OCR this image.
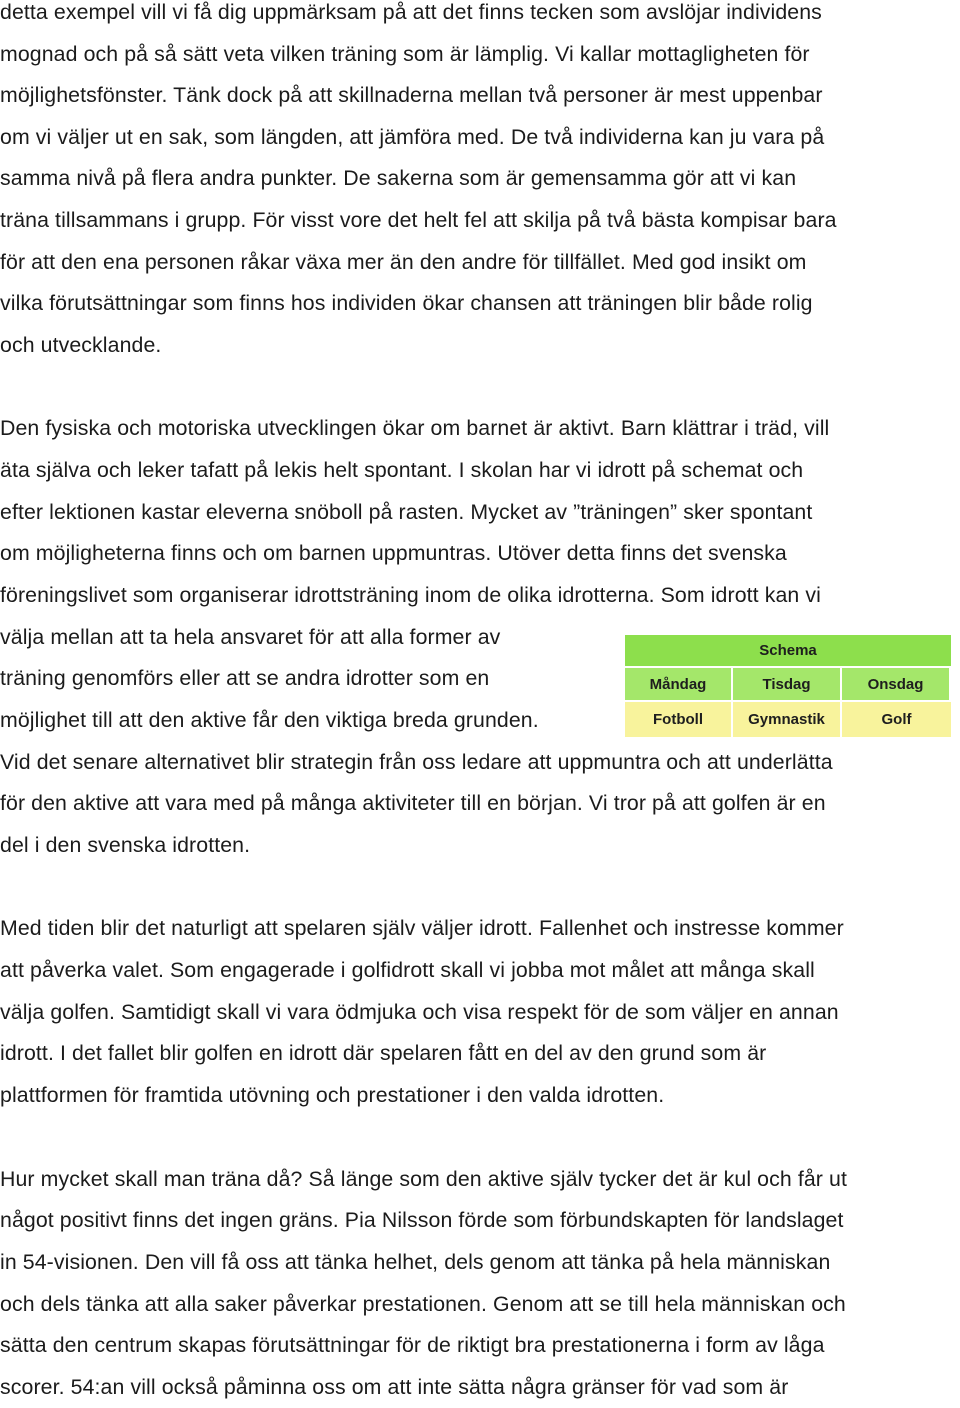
detta exempel vill vi få dig uppmärksam på att det finns tecken som avslöjar individens
mognad och på så sätt veta vilken träning som är lämplig. Vi kallar mottagligheten för
möjlighetsfönster. Tänk dock på att skillnaderna mellan två personer är mest uppenbar
om vi väljer ut en sak, som längden, att jämföra med. De två individerna kan ju vara på
samma nivå på flera andra punkter. De sakerna som är gemensamma gör att vi kan
träna tillsammans i grupp. För visst vore det helt fel att skilja på två bästa kompisar bara
för att den ena personen råkar växa mer än den andre för tillfället. Med god insikt om
vilka förutsättningar som finns hos individen ökar chansen att träningen blir både rolig
och utvecklande.
Den fysiska och motoriska utvecklingen ökar om barnet är aktivt. Barn klättrar i träd, vill
äta själva och leker tafatt på lekis helt spontant. I skolan har vi idrott på schemat och
efter lektionen kastar eleverna snöboll på rasten. Mycket av ”träningen” sker spontant
om möjligheterna finns och om barnen uppmuntras. Utöver detta finns det svenska
föreningslivet som organiserar idrottsträning inom de olika idrotterna. Som idrott kan vi
välja mellan att ta hela ansvaret för att alla former av
träning genomförs eller att se andra idrotter som en
möjlighet till att den aktive får den viktiga breda grunden.
Vid det senare alternativet blir strategin från oss ledare att uppmuntra och att underlätta
för den aktive att vara med på många aktiviteter till en början. Vi tror på att golfen är en
del i den svenska idrotten.
Med tiden blir det naturligt att spelaren själv väljer idrott. Fallenhet och instresse kommer
att påverka valet. Som engagerade i golfidrott skall vi jobba mot målet att många skall
välja golfen. Samtidigt skall vi vara ödmjuka och visa respekt för de som väljer en annan
idrott. I det fallet blir golfen en idrott där spelaren fått en del av den grund som är
plattformen för framtida utövning och prestationer i den valda idrotten.
Hur mycket skall man träna då? Så länge som den aktive själv tycker det är kul och får ut
något positivt finns det ingen gräns. Pia Nilsson förde som förbundskapten för landslaget
in 54-visionen. Den vill få oss att tänka helhet, dels genom att tänka på hela människan
och dels tänka att alla saker påverkar prestationen. Genom att se till hela människan och
sätta den centrum skapas förutsättningar för de riktigt bra prestationerna i form av låga
scorer. 54:an vill också påminna oss om att inte sätta några gränser för vad som är
Schema
Måndag	Tisdag	Onsdag
Fotboll	Gymnastik	Golf
